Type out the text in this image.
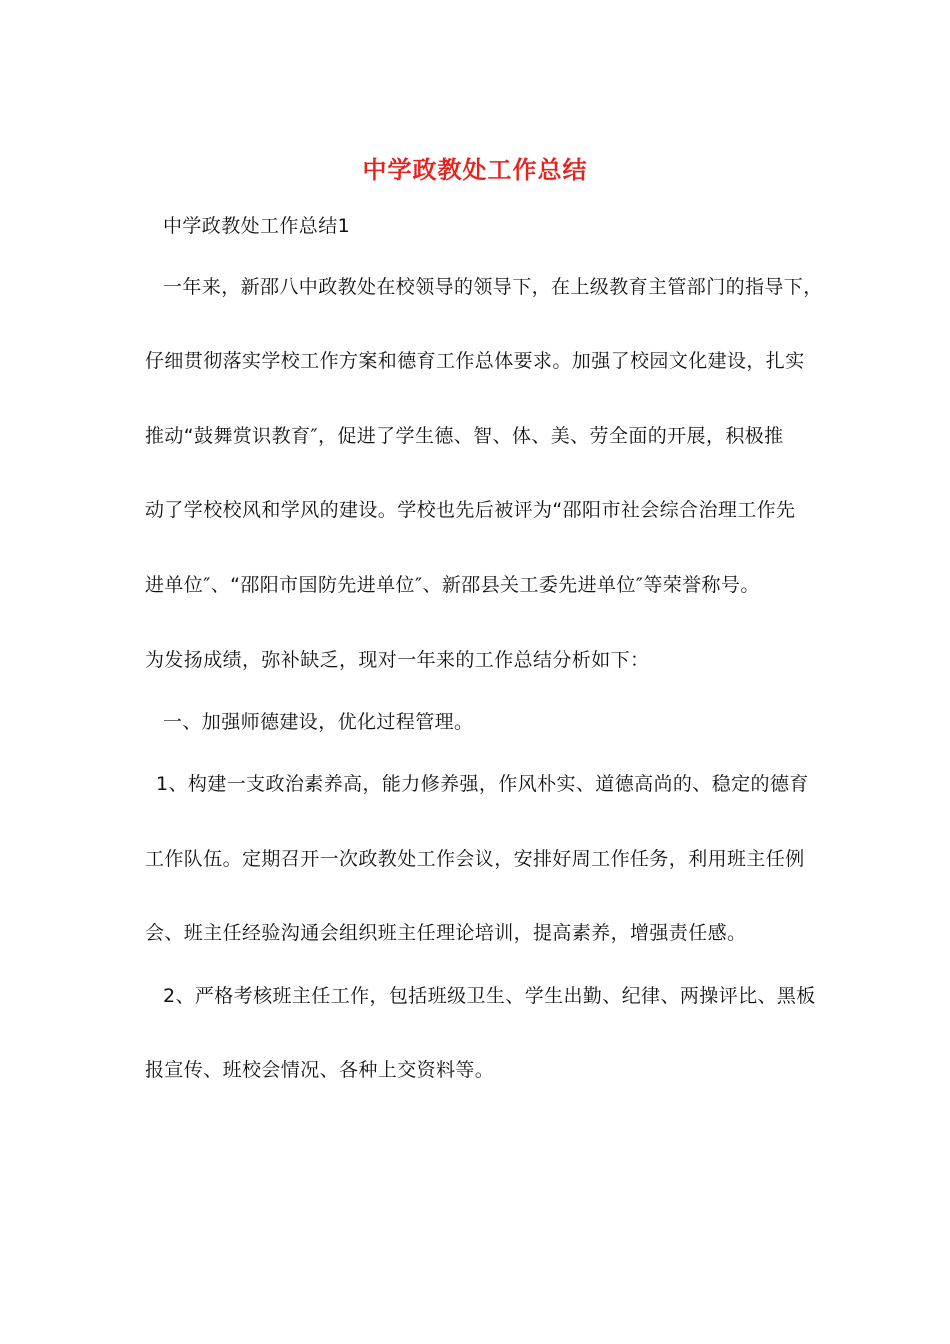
中学政教处工作总结
中学政教处工作总结1
一年来，新邵八中政教处在校领导的领导下，在上级教育主管部门的指导下，
仔细贯彻落实学校工作方案和德育工作总体要求。加强了校园文化建设，扎实
推动“鼓舞赏识教育″，促进了学生德、智、体、美、劳全面的开展，积极推
动了学校校风和学风的建设。学校也先后被评为“邵阳市社会综合治理工作先
进单位″、“邵阳市国防先进单位″、新邵县关工委先进单位″等荣誉称号。
为发扬成绩，弥补缺乏，现对一年来的工作总结分析如下：
一、加强师德建设，优化过程管理。
1、构建一支政治素养高，能力修养强，作风朴实、道德高尚的、稳定的德育
工作队伍。定期召开一次政教处工作会议，安排好周工作任务，利用班主任例
会、班主任经验沟通会组织班主任理论培训，提高素养，增强责任感。
2、严格考核班主任工作，包括班级卫生、学生出勤、纪律、两操评比、黑板
报宣传、班校会情况、各种上交资料等。
